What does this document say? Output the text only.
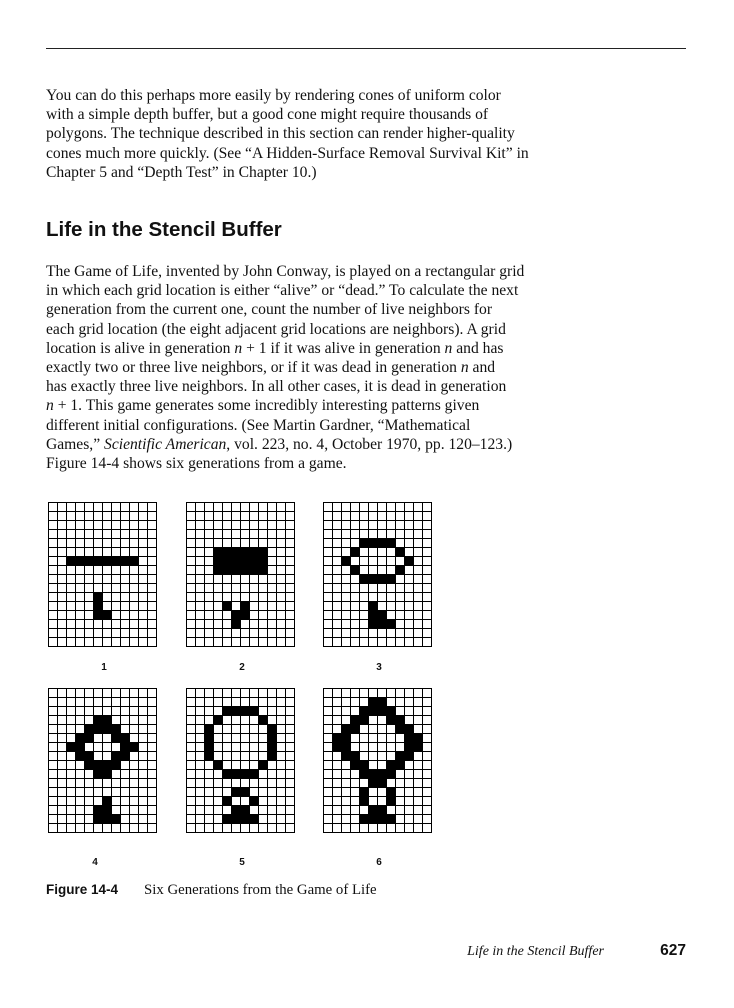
You can do this perhaps more easily by rendering cones of uniform color
with a simple depth buffer, but a good cone might require thousands of
polygons. The technique described in this section can render higher-quality
cones much more quickly. (See “A Hidden-Surface Removal Survival Kit” in
Chapter 5 and “Depth Test” in Chapter 10.)

Life in the Stencil Buffer

The Game of Life, invented by John Conway, is played on a rectangular grid
in which each grid location is either “alive” or “dead.” To calculate the next
generation from the current one, count the number of live neighbors for
each grid location (the eight adjacent grid locations are neighbors). A grid
location is alive in generation n + 1 if it was alive in generation n and has
exactly two or three live neighbors, or if it was dead in generation n and
has exactly three live neighbors. In all other cases, it is dead in generation
n + 1. This game generates some incredibly interesting patterns given
different initial configurations. (See Martin Gardner, “Mathematical
Games,” Scientific American, vol. 223, no. 4, October 1970, pp. 120–123.)
Figure 14-4 shows six generations from a game.

1	2	3
4	5	6
Figure 14-4 Six Generations from the Game of Life
Life in the Stencil Buffer	627
